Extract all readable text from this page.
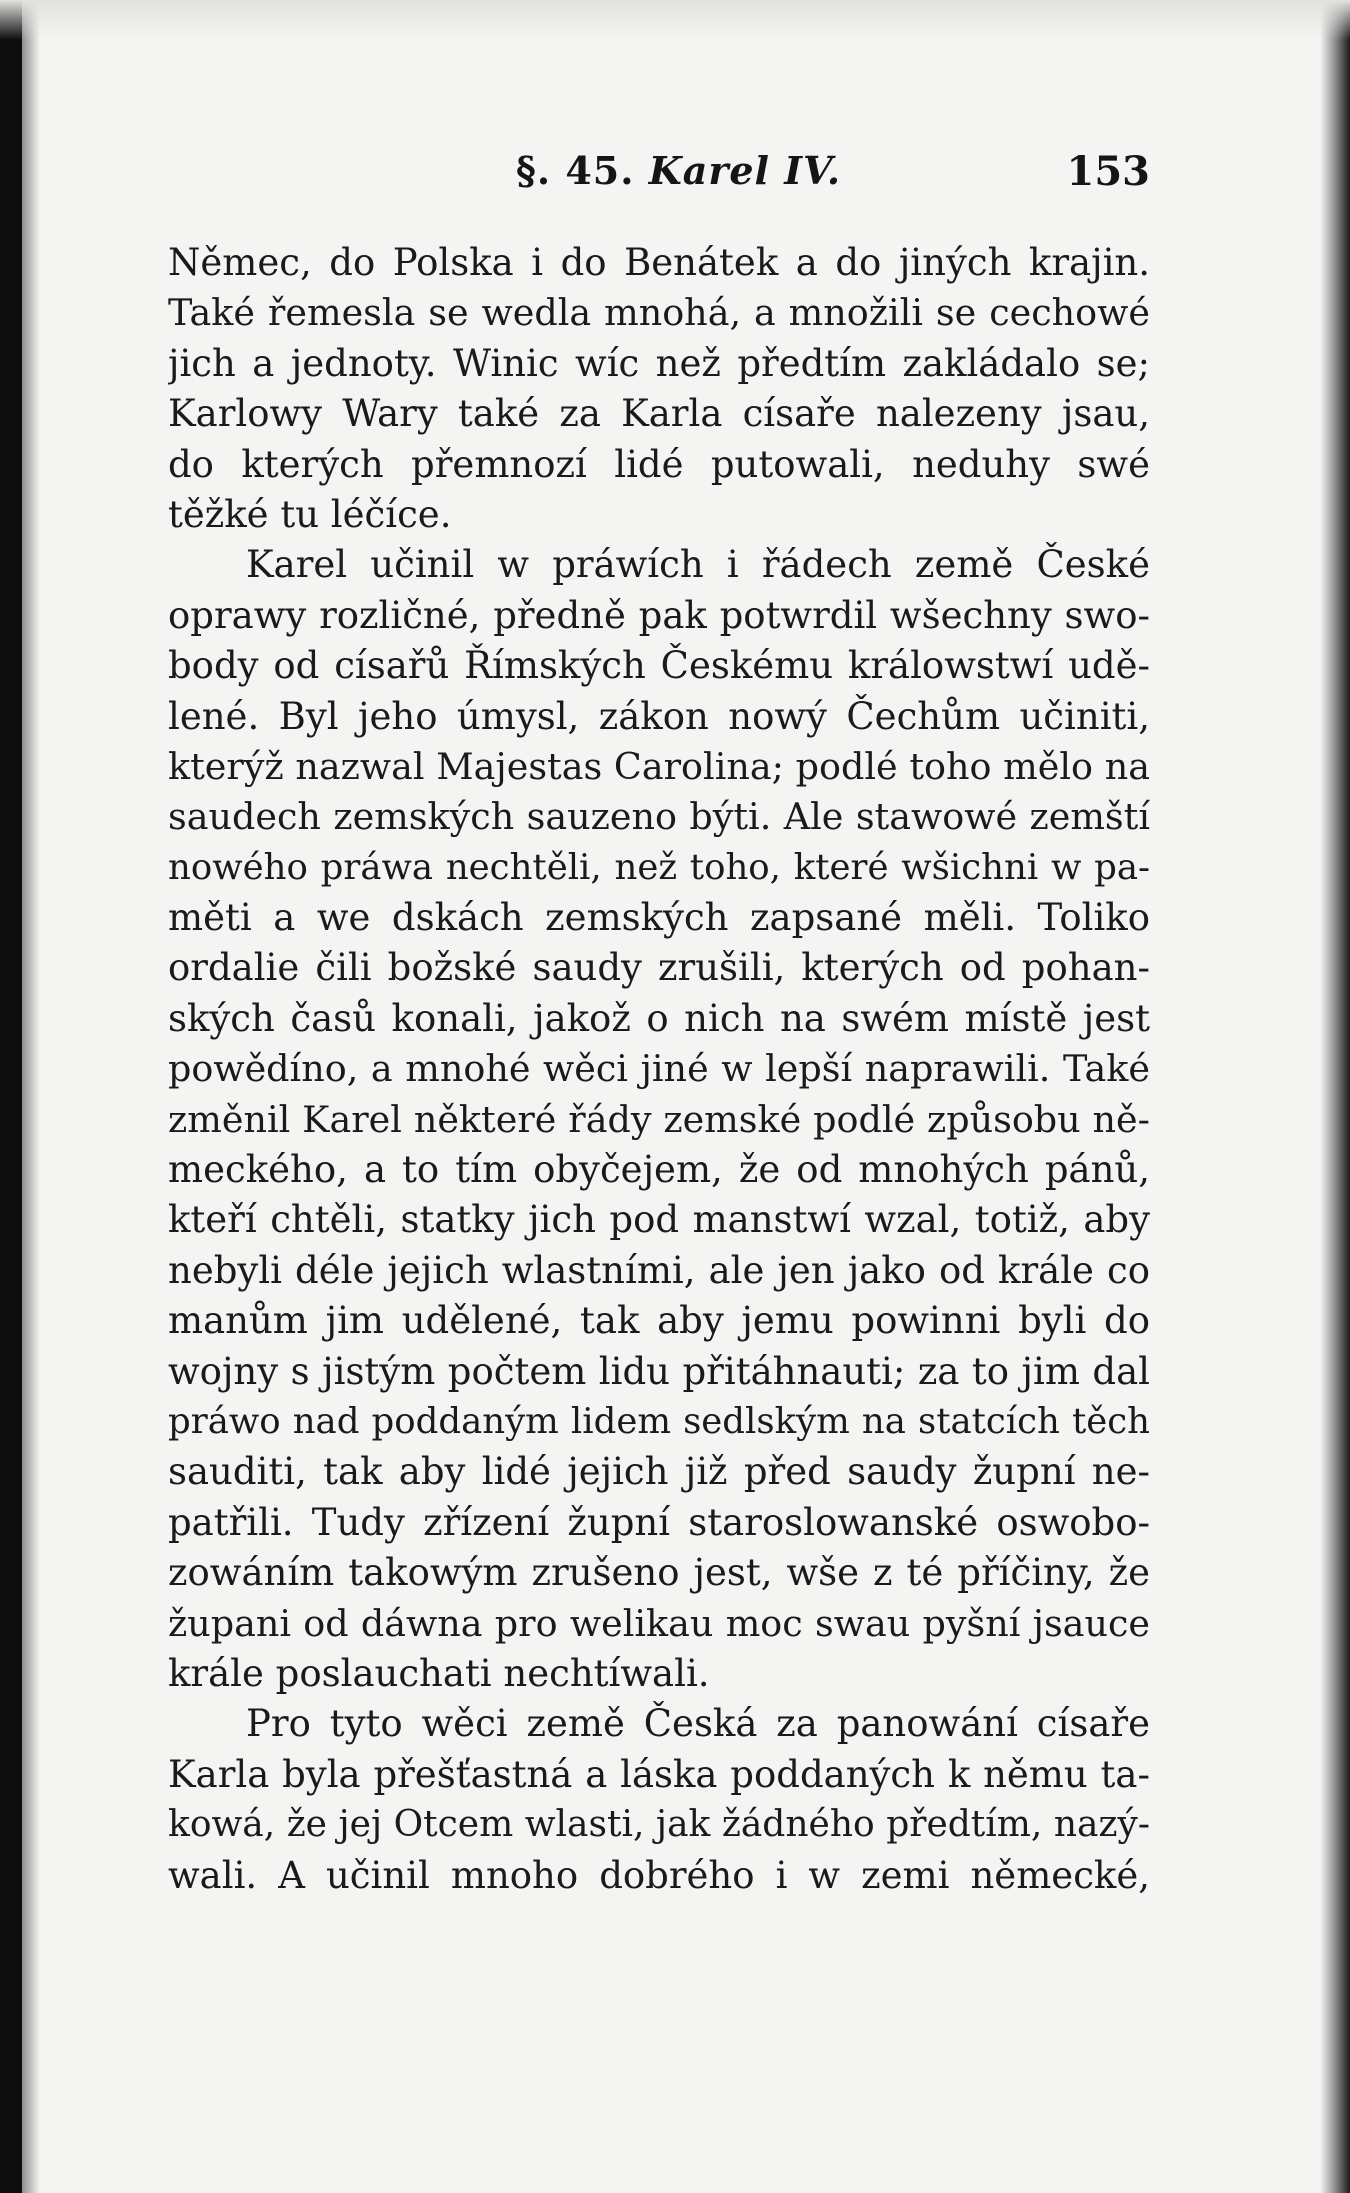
§. 45. Karel IV.	153
Němec, do Polska i do Benátek a do jiných krajin.
Také řemesla se wedla mnohá, a množili se cechowé
jich a jednoty. Winic wíc než předtím zakládalo se;
Karlowy Wary také za Karla císaře nalezeny jsau,
do kterých přemnozí lidé putowali, neduhy swé
těžké tu léčíce.
Karel učinil w práwích i řádech země České
oprawy rozličné, předně pak potwrdil wšechny swo-
body od císařů Římských Českému králowstwí udě-
lené. Byl jeho úmysl, zákon nowý Čechům učiniti,
kterýž nazwal Majestas Carolina; podlé toho mělo na
saudech zemských sauzeno býti. Ale stawowé zemští
nowého práwa nechtěli, než toho, které wšichni w pa-
měti a we dskách zemských zapsané měli. Toliko
ordalie čili božské saudy zrušili, kterých od pohan-
ských časů konali, jakož o nich na swém místě jest
powědíno, a mnohé wěci jiné w lepší naprawili. Také
změnil Karel některé řády zemské podlé způsobu ně-
meckého, a to tím obyčejem, že od mnohých pánů,
kteří chtěli, statky jich pod manstwí wzal, totiž, aby
nebyli déle jejich wlastními, ale jen jako od krále co
manům jim udělené, tak aby jemu powinni byli do
wojny s jistým počtem lidu přitáhnauti; za to jim dal
práwo nad poddaným lidem sedlským na statcích těch
sauditi, tak aby lidé jejich již před saudy župní ne-
patřili. Tudy zřízení župní staroslowanské oswobo-
zowáním takowým zrušeno jest, wše z té příčiny, že
župani od dáwna pro welikau moc swau pyšní jsauce
krále poslauchati nechtíwali.
Pro tyto wěci země Česká za panowání císaře
Karla byla přešťastná a láska poddaných k němu ta-
kowá, že jej Otcem wlasti, jak žádného předtím, nazý-
wali. A učinil mnoho dobrého i w zemi německé,
